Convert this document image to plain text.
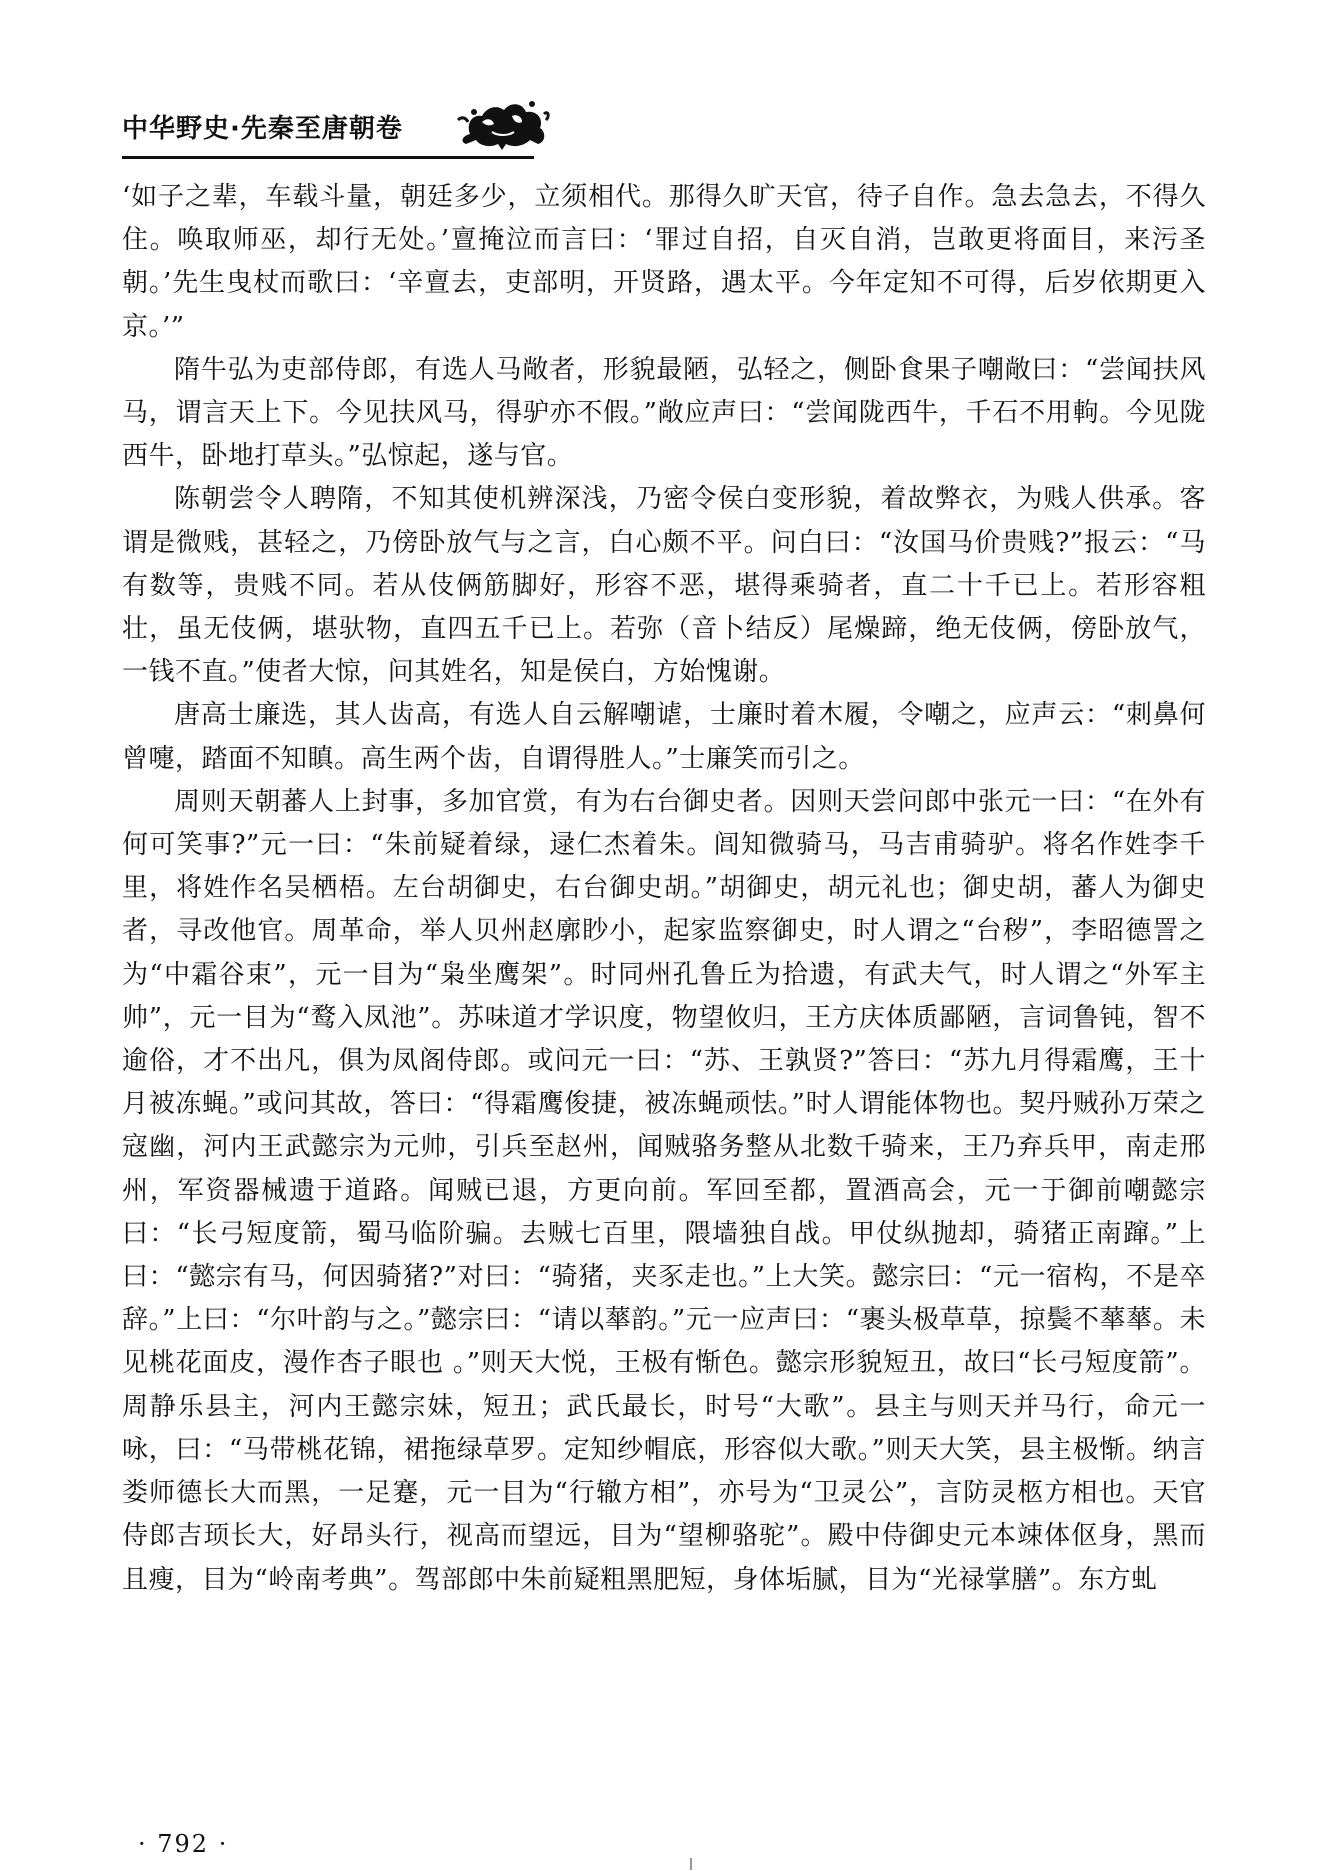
中华野史·先秦至唐朝卷

‘如子之辈，车载斗量，朝廷多少，立须相代。那得久旷天官，待子自作。急去急去，不得久住。唤取师巫，却行无处。’亶掩泣而言曰：‘罪过自招，自灭自消，岂敢更将面目，来污圣朝。’先生曳杖而歌曰：‘辛亶去，吏部明，开贤路，遇太平。今年定知不可得，后岁依期更入京。’”

隋牛弘为吏部侍郎，有选人马敞者，形貌最陋，弘轻之，侧卧食果子嘲敞曰：“尝闻扶风马，谓言天上下。今见扶风马，得驴亦不假。”敞应声曰：“尝闻陇西牛，千石不用軥。今见陇西牛，卧地打草头。”弘惊起，遂与官。

陈朝尝令人聘隋，不知其使机辨深浅，乃密令侯白变形貌，着故弊衣，为贱人供承。客谓是微贱，甚轻之，乃傍卧放气与之言，白心颇不平。问白曰：“汝国马价贵贱?”报云：“马有数等，贵贱不同。若从伎俩筋脚好，形容不恶，堪得乘骑者，直二十千已上。若形容粗壮，虽无伎俩，堪驮物，直四五千已上。若弥（音卜结反）尾燥蹄，绝无伎俩，傍卧放气，一钱不直。”使者大惊，问其姓名，知是侯白，方始愧谢。

唐高士廉选，其人齿高，有选人自云解嘲谑，士廉时着木履，令嘲之，应声云：“刺鼻何曾嚏，踏面不知瞋。高生两个齿，自谓得胜人。”士廉笑而引之。

周则天朝蕃人上封事，多加官赏，有为右台御史者。因则天尝问郎中张元一曰：“在外有何可笑事?”元一曰：“朱前疑着绿，逯仁杰着朱。闾知微骑马，马吉甫骑驴。将名作姓李千里，将姓作名吴栖梧。左台胡御史，右台御史胡。”胡御史，胡元礼也；御史胡，蕃人为御史者，寻改他官。周革命，举人贝州赵廓眇小，起家监察御史，时人谓之“台秽”，李昭德詈之为“中霜谷束”，元一目为“枭坐鹰架”。时同州孔鲁丘为拾遗，有武夫气，时人谓之“外军主帅”，元一目为“鹜入凤池”。苏味道才学识度，物望攸归，王方庆体质鄙陋，言词鲁钝，智不逾俗，才不出凡，俱为凤阁侍郎。或问元一曰：“苏、王孰贤?”答曰：“苏九月得霜鹰，王十月被冻蝇。”或问其故，答曰：“得霜鹰俊捷，被冻蝇顽怯。”时人谓能体物也。契丹贼孙万荣之寇幽，河内王武懿宗为元帅，引兵至赵州，闻贼骆务整从北数千骑来，王乃弃兵甲，南走邢州，军资器械遗于道路。闻贼已退，方更向前。军回至都，置酒高会，元一于御前嘲懿宗曰：“长弓短度箭，蜀马临阶骗。去贼七百里，隈墙独自战。甲仗纵抛却，骑猪正南蹿。”上曰：“懿宗有马，何因骑猪?”对曰：“骑猪，夹豕走也。”上大笑。懿宗曰：“元一宿构，不是卒辞。”上曰：“尔叶韵与之。”懿宗曰：“请以蕐韵。”元一应声曰：“裹头极草草，掠鬓不蕐蕐。未见桃花面皮，漫作杏子眼也 。”则天大悦，王极有惭色。懿宗形貌短丑，故曰“长弓短度箭”。周静乐县主，河内王懿宗妹，短丑；武氏最长，时号“大歌”。县主与则天并马行，命元一咏，曰：“马带桃花锦，裙拖绿草罗。定知纱帽底，形容似大歌。”则天大笑，县主极惭。纳言娄师德长大而黑，一足蹇，元一目为“行辙方相”，亦号为“卫灵公”，言防灵柩方相也。天官侍郎吉顼长大，好昂头行，视高而望远，目为“望柳骆驼”。殿中侍御史元本竦体伛身，黑而且瘦，目为“岭南考典”。驾部郎中朱前疑粗黑肥短，身体垢腻，目为“光禄掌膳”。东方虬

· 792 ·
